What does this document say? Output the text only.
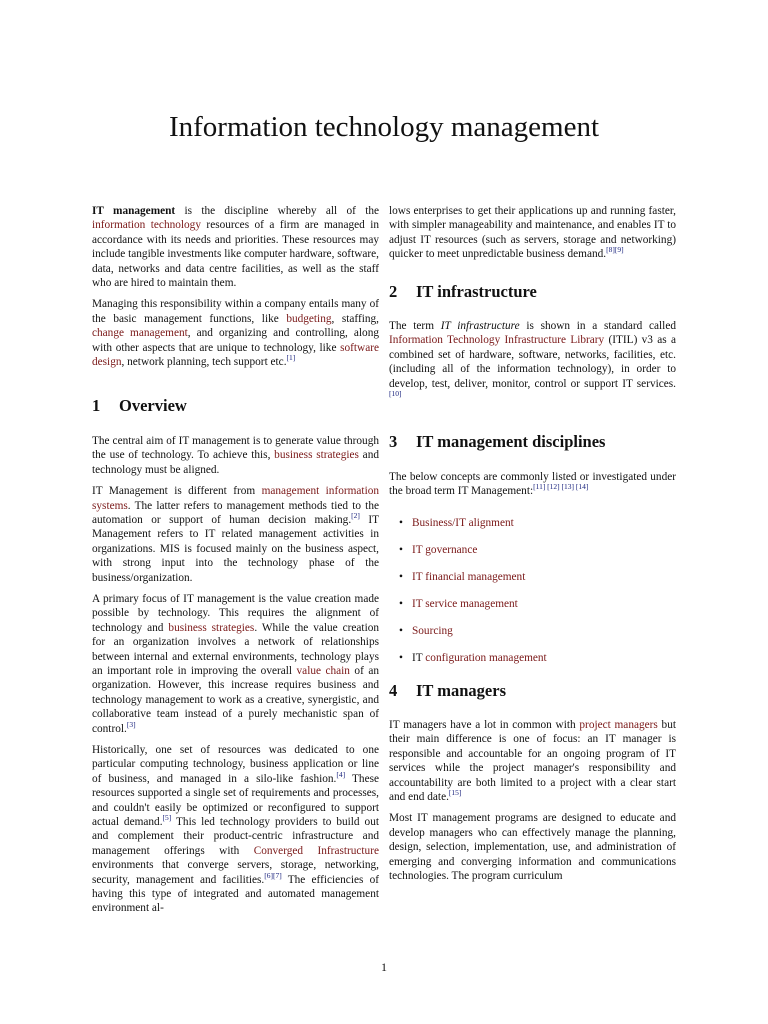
Information technology management

IT management is the discipline whereby all of the information technology resources of a firm are managed in accordance with its needs and priorities. These resources may include tangible investments like computer hardware, software, data, networks and data centre facilities, as well as the staff who are hired to maintain them.

Managing this responsibility within a company entails many of the basic management functions, like budgeting, staffing, change management, and organizing and controlling, along with other aspects that are unique to technology, like software design, network planning, tech support etc.[1]

1 Overview

The central aim of IT management is to generate value through the use of technology. To achieve this, business strategies and technology must be aligned.

IT Management is different from management information systems. The latter refers to management methods tied to the automation or support of human decision making.[2] IT Management refers to IT related management activities in organizations. MIS is focused mainly on the business aspect, with strong input into the technology phase of the business/organization.

A primary focus of IT management is the value creation made possible by technology. This requires the alignment of technology and business strategies. While the value creation for an organization involves a network of relationships between internal and external environments, technology plays an important role in improving the overall value chain of an organization. However, this increase requires business and technology management to work as a creative, synergistic, and collaborative team instead of a purely mechanistic span of control.[3]

Historically, one set of resources was dedicated to one particular computing technology, business application or line of business, and managed in a silo-like fashion.[4] These resources supported a single set of requirements and processes, and couldn't easily be optimized or reconfigured to support actual demand.[5] This led technology providers to build out and complement their product-centric infrastructure and management offerings with Converged Infrastructure environments that converge servers, storage, networking, security, management and facilities.[6][7] The efficiencies of having this type of integrated and automated management environment al-

lows enterprises to get their applications up and running faster, with simpler manageability and maintenance, and enables IT to adjust IT resources (such as servers, storage and networking) quicker to meet unpredictable business demand.[8][9]

2 IT infrastructure

The term IT infrastructure is shown in a standard called Information Technology Infrastructure Library (ITIL) v3 as a combined set of hardware, software, networks, facilities, etc. (including all of the information technology), in order to develop, test, deliver, monitor, control or support IT services.[10]

3 IT management disciplines

The below concepts are commonly listed or investigated under the broad term IT Management:[11] [12] [13] [14]

• Business/IT alignment
• IT governance
• IT financial management
• IT service management
• Sourcing
• IT configuration management
4 IT managers

IT managers have a lot in common with project managers but their main difference is one of focus: an IT manager is responsible and accountable for an ongoing program of IT services while the project manager's responsibility and accountability are both limited to a project with a clear start and end date.[15]

Most IT management programs are designed to educate and develop managers who can effectively manage the planning, design, selection, implementation, use, and administration of emerging and converging information and communications technologies. The program curriculum

1
